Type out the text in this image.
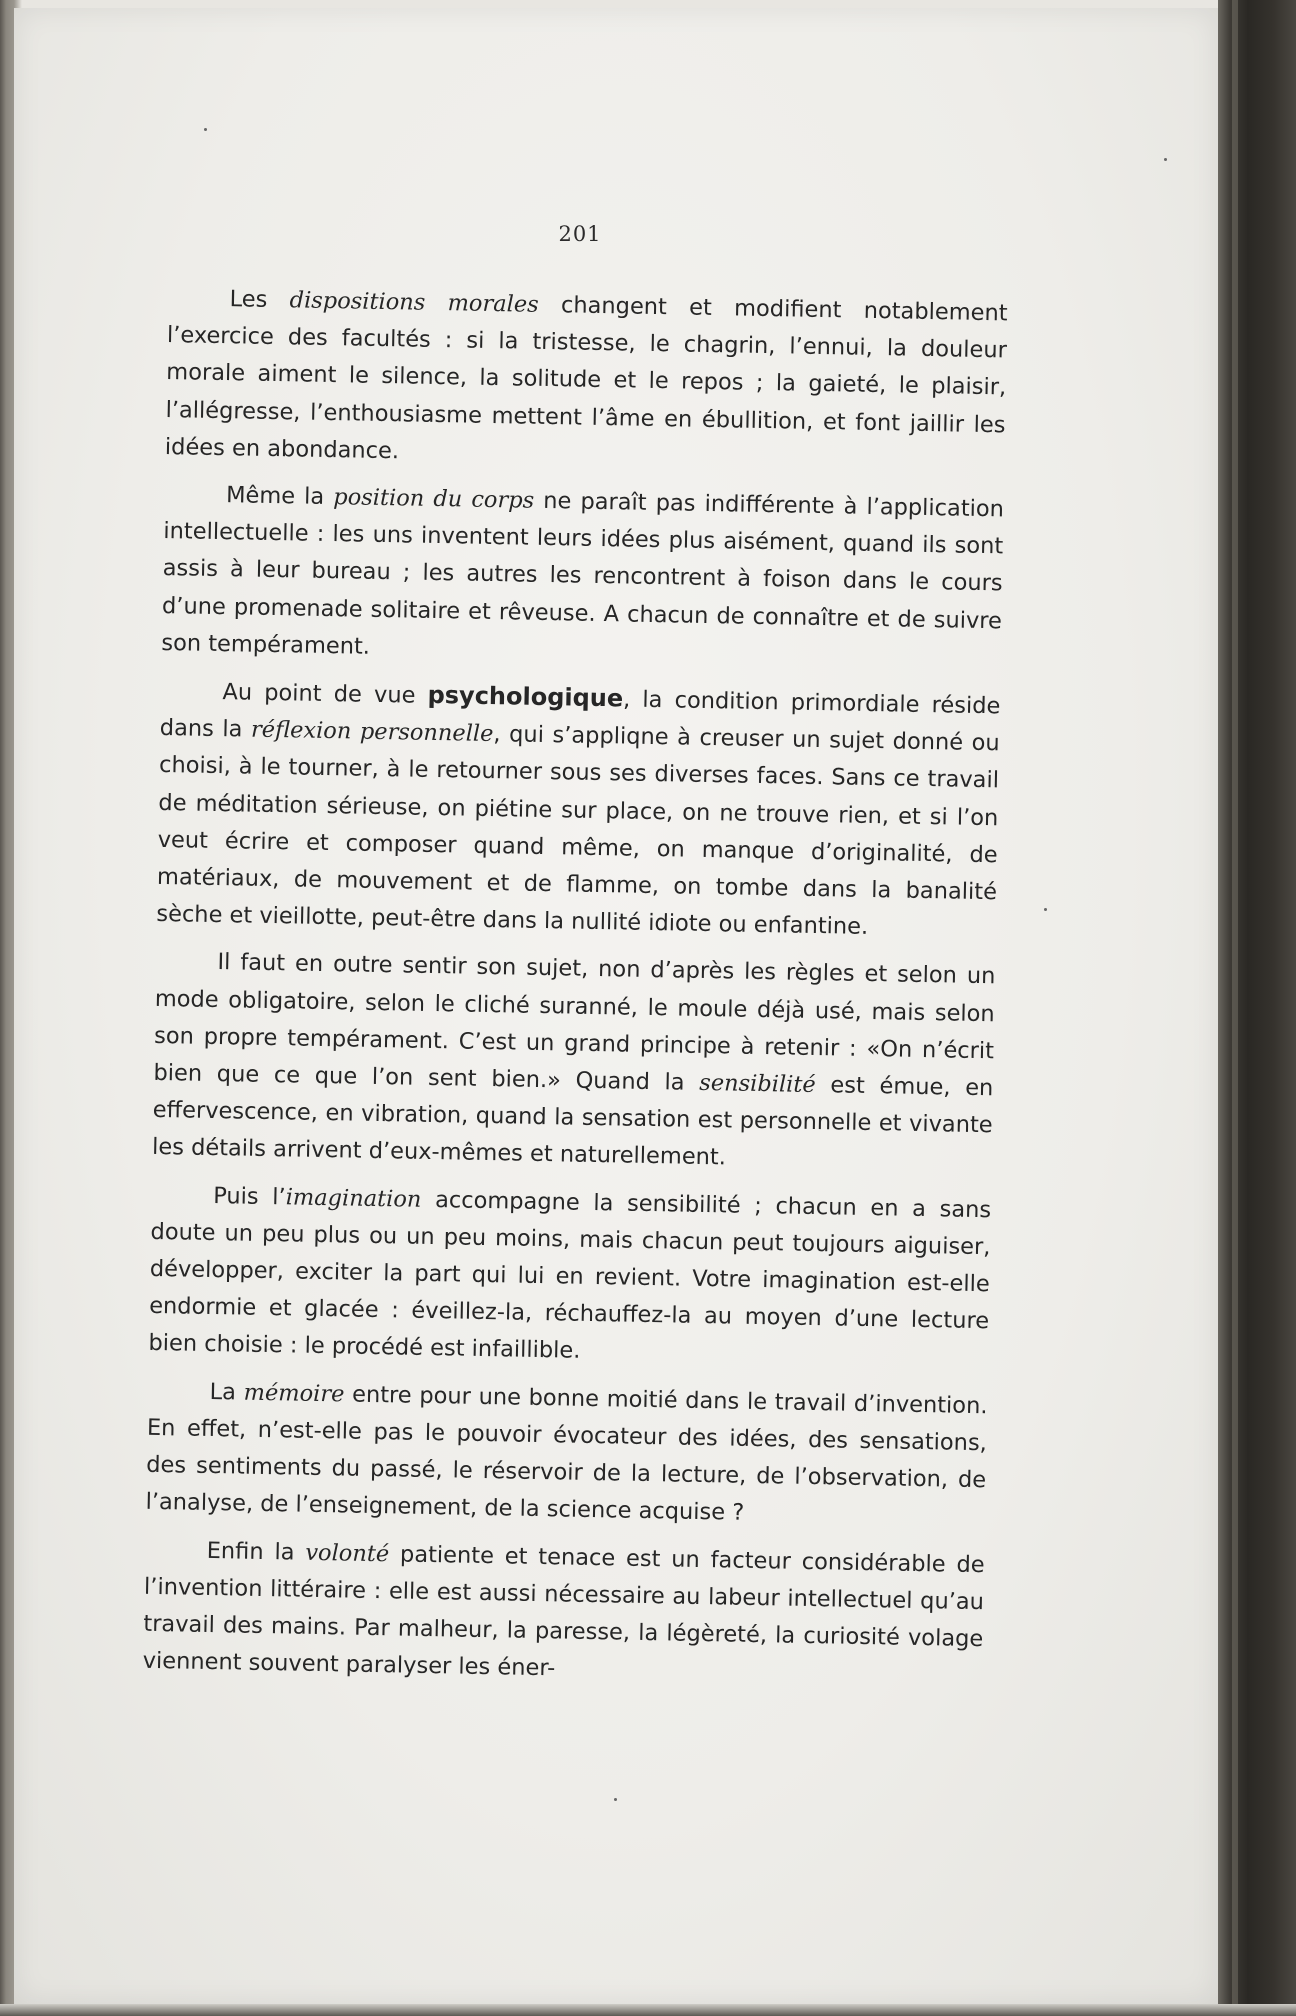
201

Les dispositions morales changent et modifient notablement l’exercice des facultés : si la tristesse, le chagrin, l’ennui, la douleur morale aiment le silence, la solitude et le repos ; la gaieté, le plaisir, l’allégresse, l’enthousiasme mettent l’âme en ébullition, et font jaillir les idées en abondance.

Même la position du corps ne paraît pas indifférente à l’application intellectuelle : les uns inventent leurs idées plus aisément, quand ils sont assis à leur bureau ; les autres les rencontrent à foison dans le cours d’une promenade solitaire et rêveuse. A chacun de connaître et de suivre son tempérament.

Au point de vue psychologique, la condition primordiale réside dans la réflexion personnelle, qui s’appliqne à creuser un sujet donné ou choisi, à le tourner, à le retourner sous ses diverses faces. Sans ce travail de méditation sérieuse, on piétine sur place, on ne trouve rien, et si l’on veut écrire et composer quand même, on manque d’originalité, de matériaux, de mouvement et de flamme, on tombe dans la banalité sèche et vieillotte, peut-être dans la nullité idiote ou enfantine.

Il faut en outre sentir son sujet, non d’après les règles et selon un mode obligatoire, selon le cliché suranné, le moule déjà usé, mais selon son propre tempérament. C’est un grand principe à retenir : «On n’écrit bien que ce que l’on sent bien.» Quand la sensibilité est émue, en effervescence, en vibration, quand la sensation est personnelle et vivante les détails arrivent d’eux-mêmes et naturellement.

Puis l’imagination accompagne la sensibilité ; chacun en a sans doute un peu plus ou un peu moins, mais chacun peut toujours aiguiser, développer, exciter la part qui lui en revient. Votre imagination est-elle endormie et glacée : éveillez-la, réchauffez-la au moyen d’une lecture bien choisie : le procédé est infaillible.

La mémoire entre pour une bonne moitié dans le travail d’invention. En effet, n’est-elle pas le pouvoir évocateur des idées, des sensations, des sentiments du passé, le réservoir de la lecture, de l’observation, de l’analyse, de l’enseignement, de la science acquise ?

Enfin la volonté patiente et tenace est un facteur considérable de l’invention littéraire : elle est aussi nécessaire au labeur intellectuel qu’au travail des mains. Par malheur, la paresse, la légèreté, la curiosité volage viennent souvent paralyser les éner-
